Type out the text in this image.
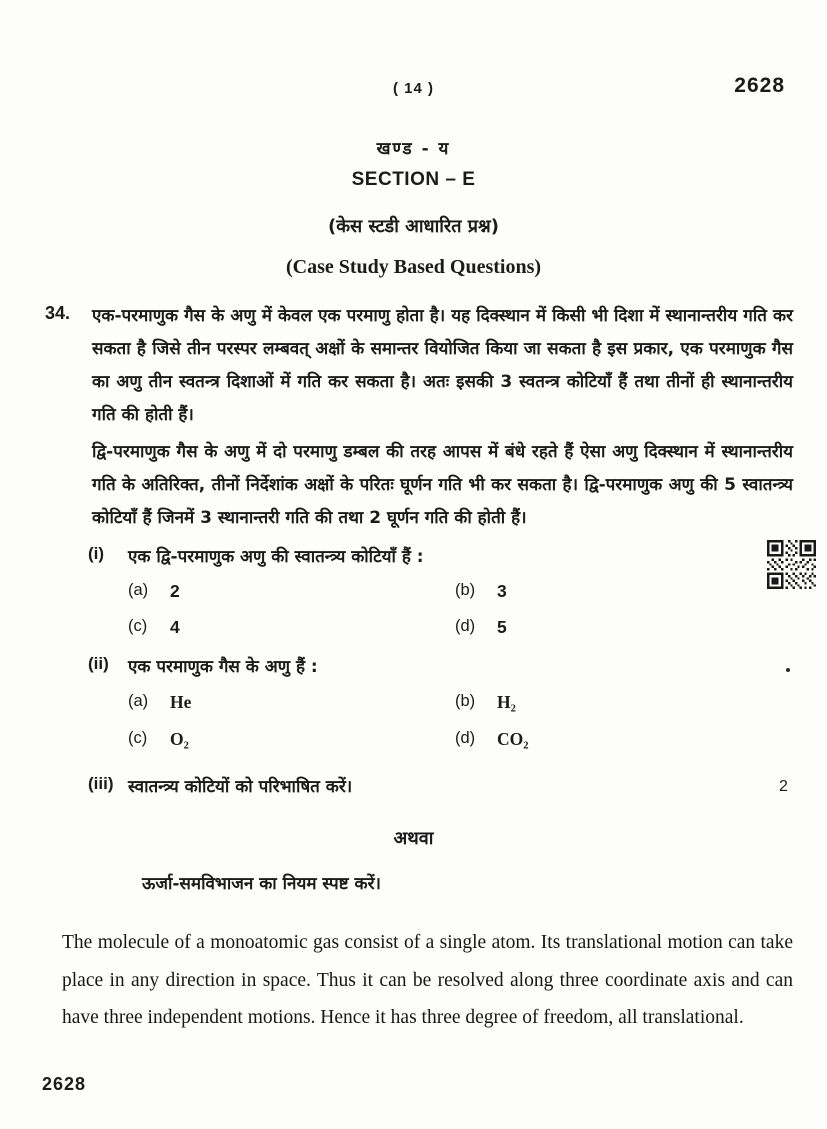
( 14 )	2628
खण्ड - य
SECTION – E
(केस स्टडी आधारित प्रश्न)
(Case Study Based Questions)
34. एक-परमाणुक गैस के अणु में केवल एक परमाणु होता है। यह दिक्स्थान में किसी भी दिशा में स्थानान्तरीय गति कर सकता है जिसे तीन परस्पर लम्बवत् अक्षों के समान्तर वियोजित किया जा सकता है इस प्रकार, एक परमाणुक गैस का अणु तीन स्वतन्त्र दिशाओं में गति कर सकता है। अतः इसकी 3 स्वतन्त्र कोटियाँ हैं तथा तीनों ही स्थानान्तरीय गति की होती हैं।
द्वि-परमाणुक गैस के अणु में दो परमाणु डम्बल की तरह आपस में बंधे रहते हैं ऐसा अणु दिक्स्थान में स्थानान्तरीय गति के अतिरिक्त, तीनों निर्देशांक अक्षों के परितः घूर्णन गति भी कर सकता है। द्वि-परमाणुक अणु की 5 स्वातन्त्र्य कोटियाँ हैं जिनमें 3 स्थानान्तरी गति की तथा 2 घूर्णन गति की होती हैं।
(i) एक द्वि-परमाणुक अणु की स्वातन्त्र्य कोटियाँ हैं :
(a) 2	(b) 3
(c) 4	(d) 5
(ii) एक परमाणुक गैस के अणु हैं :
(a) He	(b) H₂
(c) O₂	(d) CO₂
(iii) स्वातन्त्र्य कोटियों को परिभाषित करें।	2
अथवा
ऊर्जा-समविभाजन का नियम स्पष्ट करें।
The molecule of a monoatomic gas consist of a single atom. Its translational motion can take place in any direction in space. Thus it can be resolved along three coordinate axis and can have three independent motions. Hence it has three degree of freedom, all translational.
2628
